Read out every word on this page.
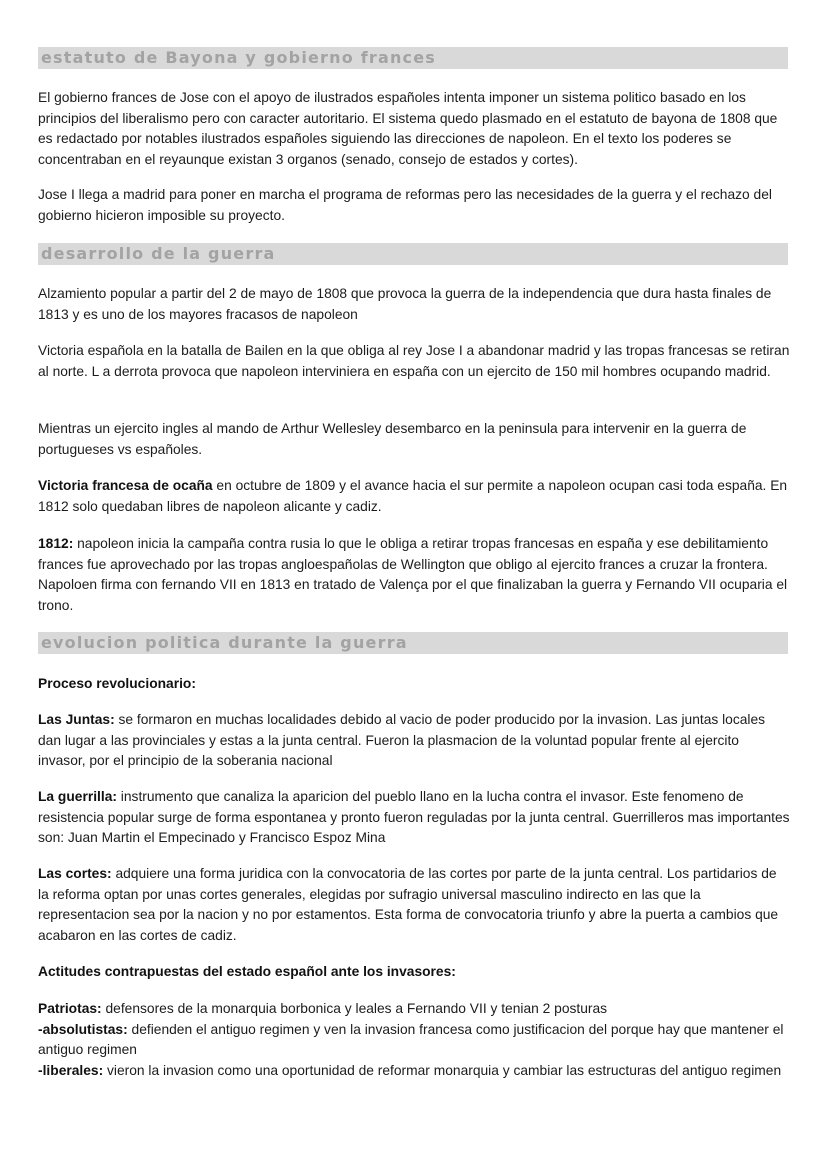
estatuto de Bayona y gobierno frances

El gobierno frances de Jose con el apoyo de ilustrados españoles intenta imponer un sistema politico basado en los principios del liberalismo pero con caracter autoritario. El sistema quedo plasmado en el estatuto de bayona de 1808 que es redactado por notables ilustrados españoles siguiendo las direcciones de napoleon. En el texto los poderes se concentraban en el reyaunque existan 3 organos (senado, consejo de estados y cortes).

Jose I llega a madrid para poner en marcha el programa de reformas pero las necesidades de la guerra y el rechazo del gobierno hicieron imposible su proyecto.

desarrollo de la guerra

Alzamiento popular a partir del 2 de mayo de 1808 que provoca la guerra de la independencia que dura hasta finales de 1813 y es uno de los mayores fracasos de napoleon

Victoria española en la batalla de Bailen en la que obliga al rey Jose I a abandonar madrid y las tropas francesas se retiran al norte. L a derrota provoca que napoleon interviniera en españa con un ejercito de 150 mil hombres ocupando madrid.

Mientras un ejercito ingles al mando de Arthur Wellesley desembarco en la peninsula para intervenir en la guerra de portugueses vs españoles.

Victoria francesa de ocaña en octubre de 1809 y el avance hacia el sur permite a napoleon ocupan casi toda españa. En 1812 solo quedaban libres de napoleon alicante y cadiz.

1812: napoleon inicia la campaña contra rusia lo que le obliga a retirar tropas francesas en españa y ese debilitamiento frances fue aprovechado por las tropas angloespañolas de Wellington que obligo al ejercito frances a cruzar la frontera. Napoloen firma con fernando VII en 1813 en tratado de Valença por el que finalizaban la guerra y Fernando VII ocuparia el trono.

evolucion politica durante la guerra

Proceso revolucionario:

Las Juntas: se formaron en muchas localidades debido al vacio de poder producido por la invasion. Las juntas locales dan lugar a las provinciales y estas a la junta central. Fueron la plasmacion de la voluntad popular frente al ejercito invasor, por el principio de la soberania nacional

La guerrilla: instrumento que canaliza la aparicion del pueblo llano en la lucha contra el invasor. Este fenomeno de resistencia popular surge de forma espontanea y pronto fueron reguladas por la junta central. Guerrilleros mas importantes son: Juan Martin el Empecinado y Francisco Espoz Mina

Las cortes: adquiere una forma juridica con la convocatoria de las cortes por parte de la junta central. Los partidarios de la reforma optan por unas cortes generales, elegidas por sufragio universal masculino indirecto en las que la representacion sea por la nacion y no por estamentos. Esta forma de convocatoria triunfo y abre la puerta a cambios que acabaron en las cortes de cadiz.

Actitudes contrapuestas del estado español ante los invasores:

Patriotas: defensores de la monarquia borbonica y leales a Fernando VII y tenian 2 posturas
-absolutistas: defienden el antiguo regimen y ven la invasion francesa como justificacion del porque hay que mantener el antiguo regimen
-liberales: vieron la invasion como una oportunidad de reformar monarquia y cambiar las estructuras del antiguo regimen
